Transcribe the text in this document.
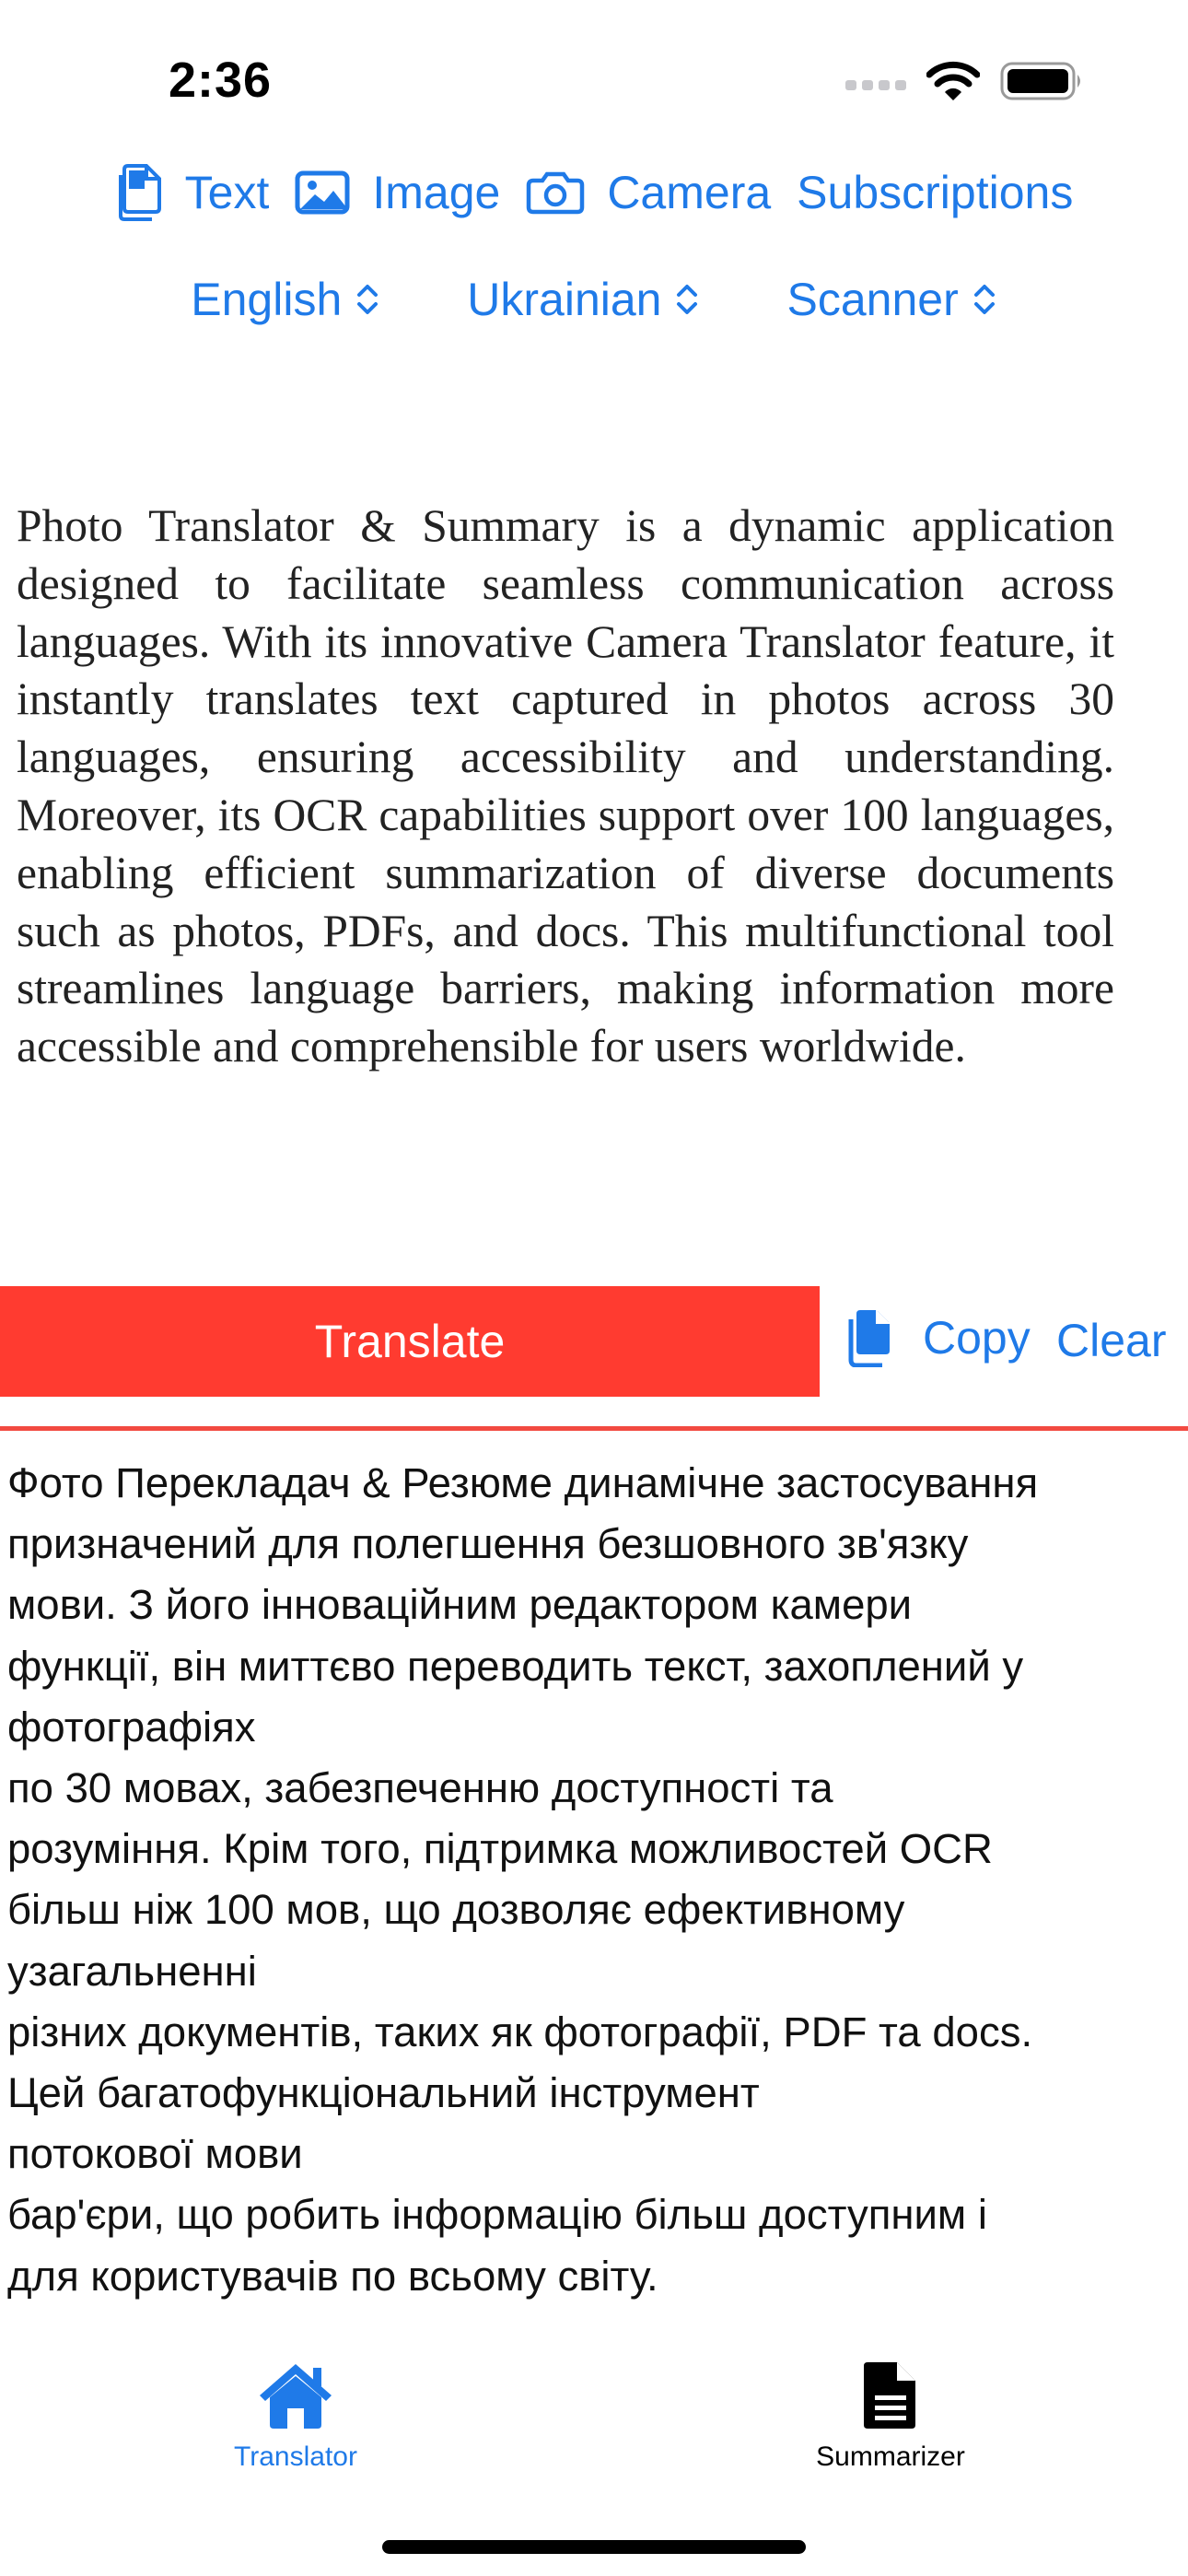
2:36
Text Image Camera Subscriptions
English	Ukrainian	Scanner
Photo Translator & Summary is a dynamic application designed to facilitate seamless communication across languages. With its innovative Camera Translator feature, it instantly translates text captured in photos across 30 languages, ensuring accessibility and understanding. Moreover, its OCR capabilities support over 100 languages, enabling efficient summarization of diverse documents such as photos, PDFs, and docs. This multifunctional tool streamlines language barriers, making information more accessible and comprehensible for users worldwide.
Translate	Copy Clear
Фото Перекладач & Резюме динамічне застосування
призначений для полегшення безшовного зв'язку
мови. З його інноваційним редактором камери
функції, він миттєво переводить текст, захоплений у
фотографіях
по 30 мовах, забезпеченню доступності та
розуміння. Крім того, підтримка можливостей OCR
більш ніж 100 мов, що дозволяє ефективному
узагальненні
різних документів, таких як фотографії, PDF та docs.
Цей багатофункціональний інструмент
потокової мови
бар'єри, що робить інформацію більш доступним і
для користувачів по всьому світу.
Translator	Summarizer
